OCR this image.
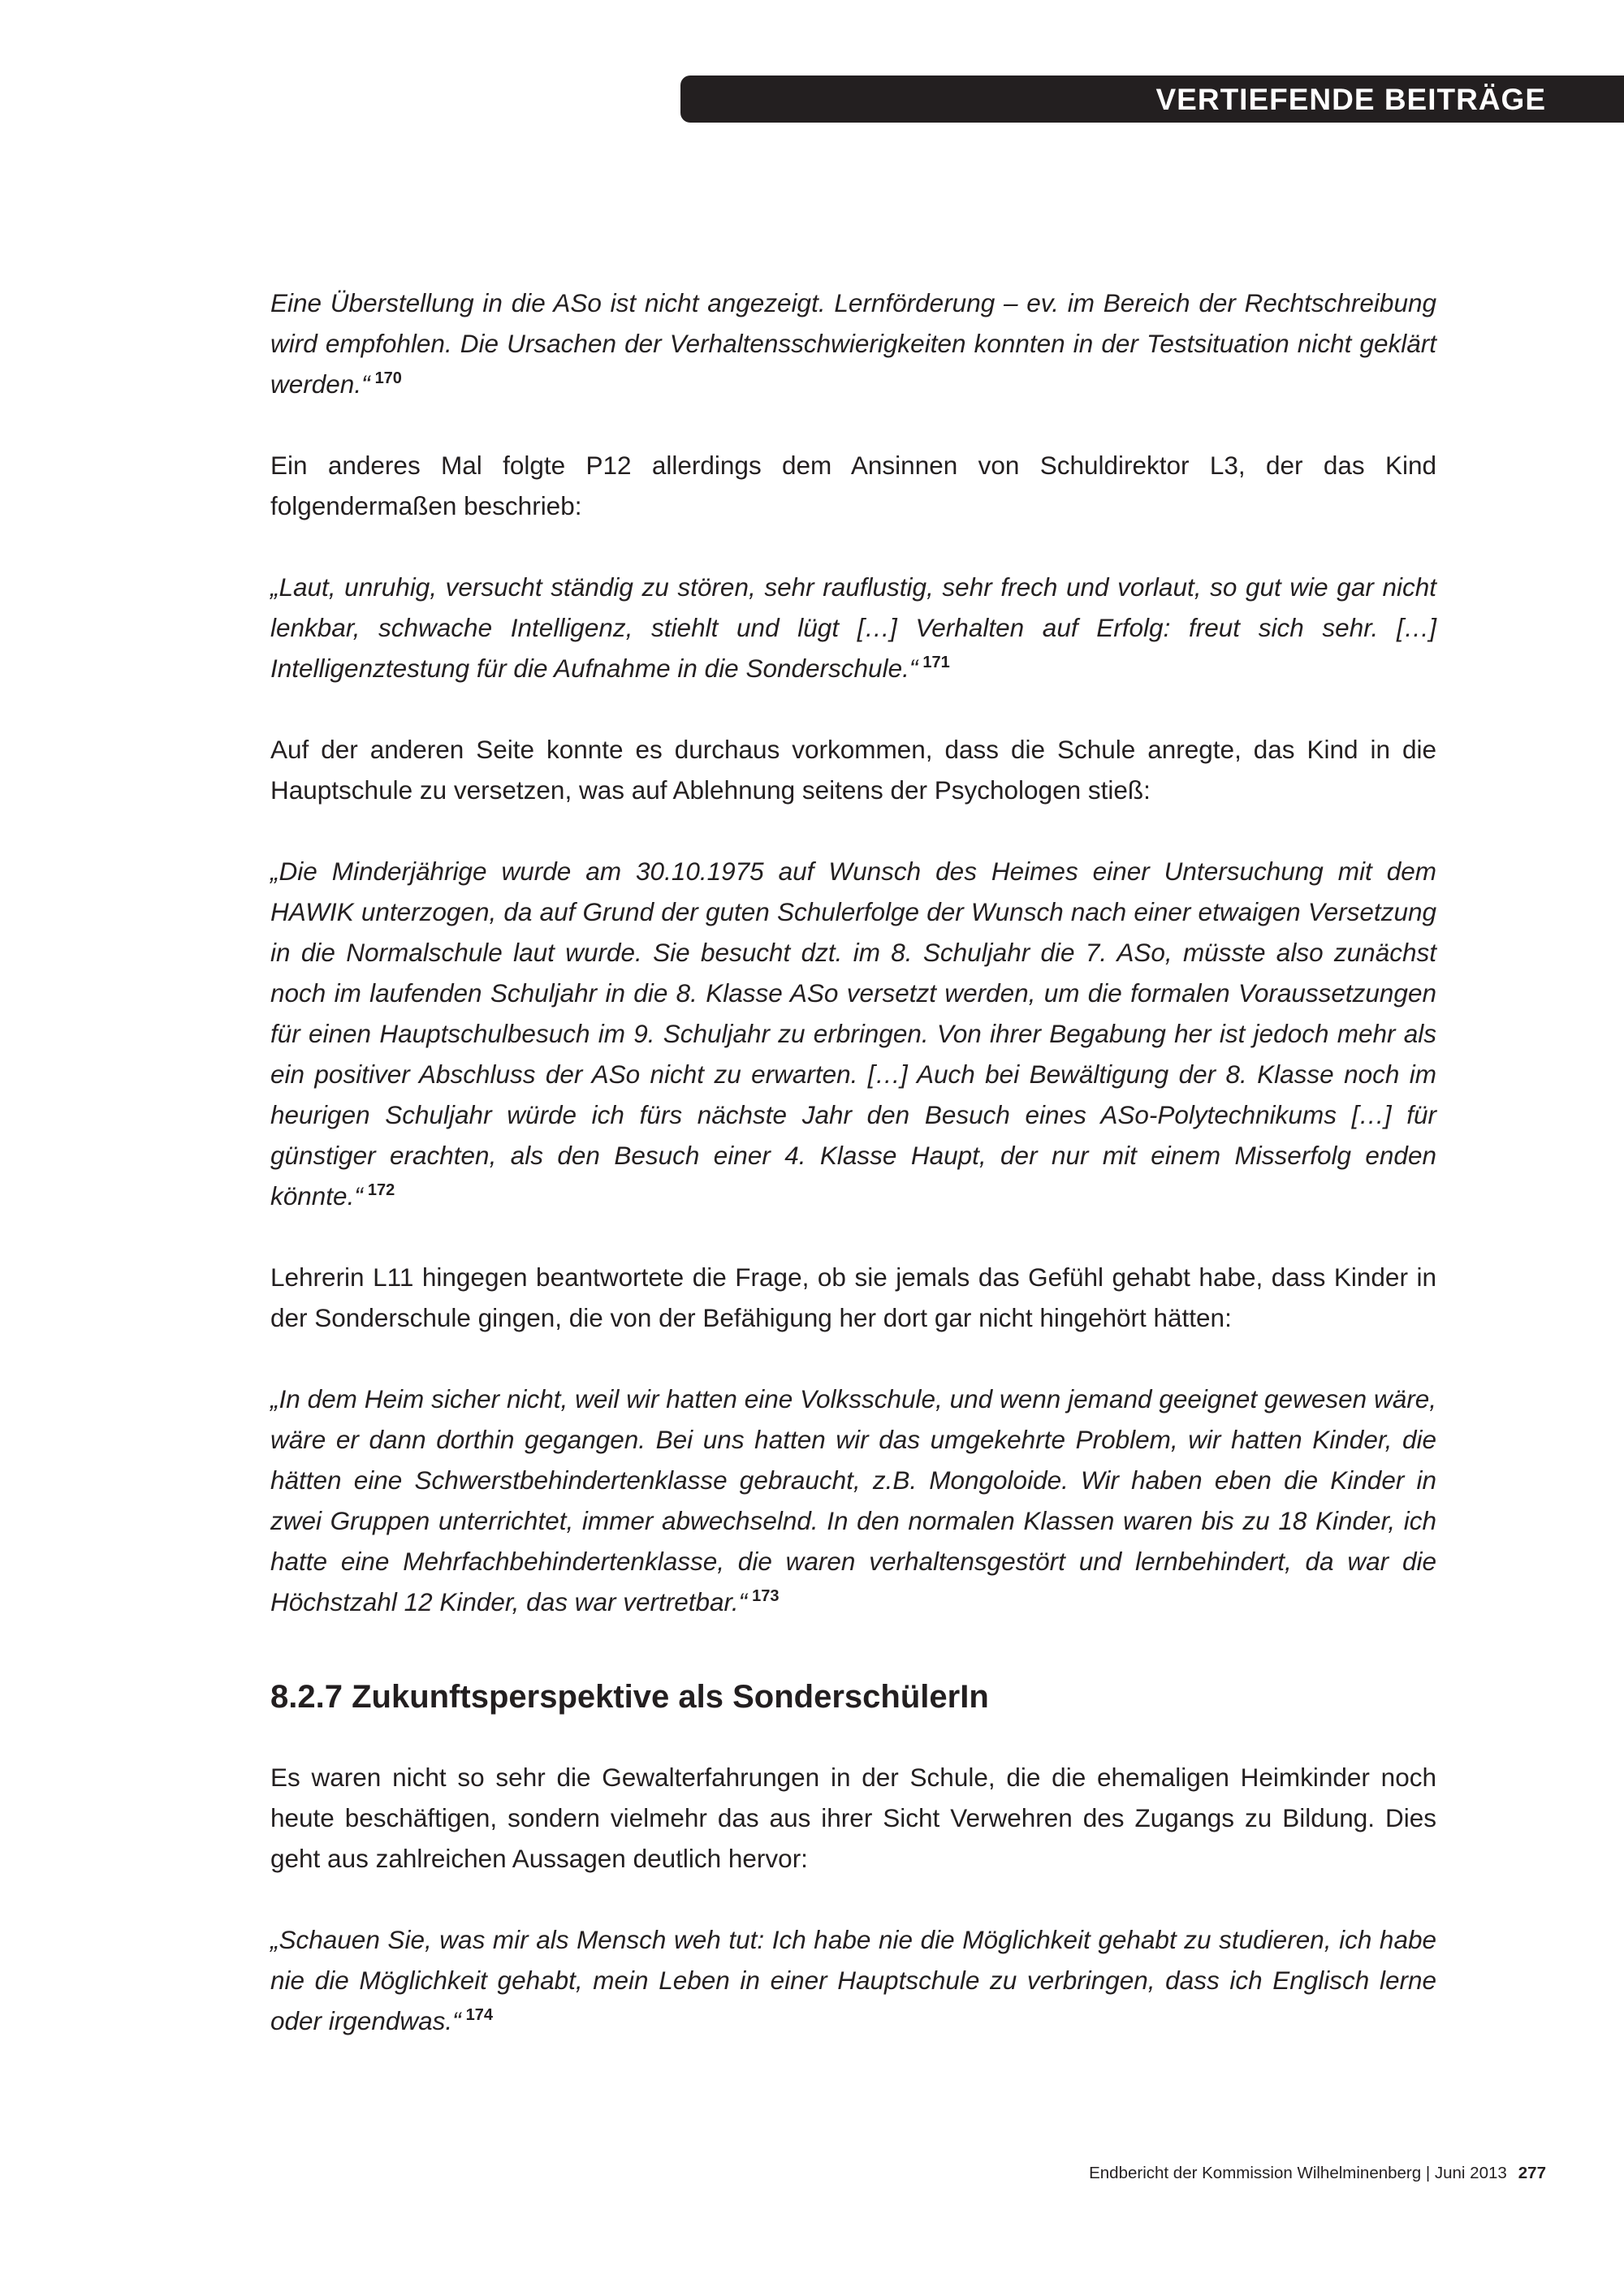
VERTIEFENDE BEITRÄGE

Eine Überstellung in die ASo ist nicht angezeigt. Lernförderung – ev. im Bereich der Rechtschreibung wird empfohlen. Die Ursachen der Verhaltensschwierigkeiten konnten in der Testsituation nicht geklärt werden.“ $^{170}$

Ein anderes Mal folgte P12 allerdings dem Ansinnen von Schuldirektor L3, der das Kind folgendermaßen beschrieb:

„Laut, unruhig, versucht ständig zu stören, sehr rauflustig, sehr frech und vorlaut, so gut wie gar nicht lenkbar, schwache Intelligenz, stiehlt und lügt […] Verhalten auf Erfolg: freut sich sehr. […] Intelligenztestung für die Aufnahme in die Sonderschule.“ $^{171}$

Auf der anderen Seite konnte es durchaus vorkommen, dass die Schule anregte, das Kind in die Hauptschule zu versetzen, was auf Ablehnung seitens der Psychologen stieß:

„Die Minderjährige wurde am 30.10.1975 auf Wunsch des Heimes einer Untersuchung mit dem HAWIK unterzogen, da auf Grund der guten Schulerfolge der Wunsch nach einer etwaigen Versetzung in die Normalschule laut wurde. Sie besucht dzt. im 8. Schuljahr die 7. ASo, müsste also zunächst noch im laufenden Schuljahr in die 8. Klasse ASo versetzt werden, um die formalen Voraussetzungen für einen Hauptschulbesuch im 9. Schuljahr zu erbringen. Von ihrer Begabung her ist jedoch mehr als ein positiver Abschluss der ASo nicht zu erwarten. […] Auch bei Bewältigung der 8. Klasse noch im heurigen Schuljahr würde ich fürs nächste Jahr den Besuch eines ASo-Polytechnikums […] für günstiger erachten, als den Besuch einer 4. Klasse Haupt, der nur mit einem Misserfolg enden könnte.“ $^{172}$

Lehrerin L11 hingegen beantwortete die Frage, ob sie jemals das Gefühl gehabt habe, dass Kinder in der Sonderschule gingen, die von der Befähigung her dort gar nicht hingehört hätten:

„In dem Heim sicher nicht, weil wir hatten eine Volksschule, und wenn jemand geeignet gewesen wäre, wäre er dann dorthin gegangen. Bei uns hatten wir das umgekehrte Problem, wir hatten Kinder, die hätten eine Schwerstbehindertenklasse gebraucht, z.B. Mongoloide. Wir haben eben die Kinder in zwei Gruppen unterrichtet, immer abwechselnd. In den normalen Klassen waren bis zu 18 Kinder, ich hatte eine Mehrfachbehindertenklasse, die waren verhaltensgestört und lernbehindert, da war die Höchstzahl 12 Kinder, das war vertretbar.“ $^{173}$

8.2.7 Zukunftsperspektive als SonderschülerIn

Es waren nicht so sehr die Gewalterfahrungen in der Schule, die die ehemaligen Heimkinder noch heute beschäftigen, sondern vielmehr das aus ihrer Sicht Verwehren des Zugangs zu Bildung. Dies geht aus zahlreichen Aussagen deutlich hervor:

„Schauen Sie, was mir als Mensch weh tut: Ich habe nie die Möglichkeit gehabt zu studieren, ich habe nie die Möglichkeit gehabt, mein Leben in einer Hauptschule zu verbringen, dass ich Englisch lerne oder irgendwas.“ $^{174}$

Endbericht der Kommission Wilhelminenberg | Juni 2013 277
